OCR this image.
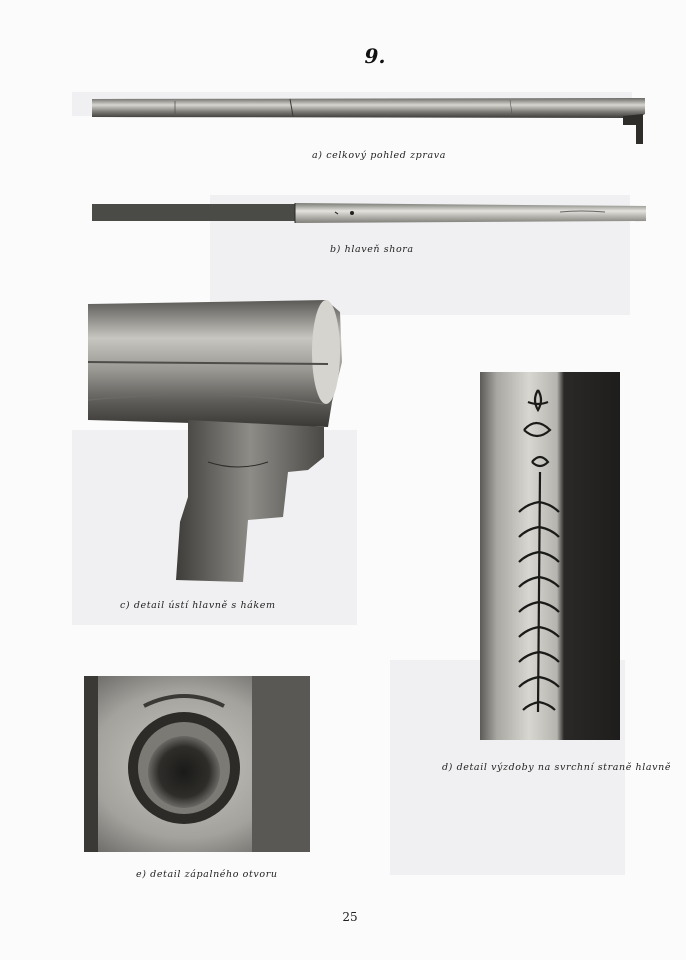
9.
a) celkový pohled zprava
b) hlaveň shora
c) detail ústí hlavně s hákem
d) detail výzdoby na svrchní straně hlavně
e) detail zápalného otvoru
25
